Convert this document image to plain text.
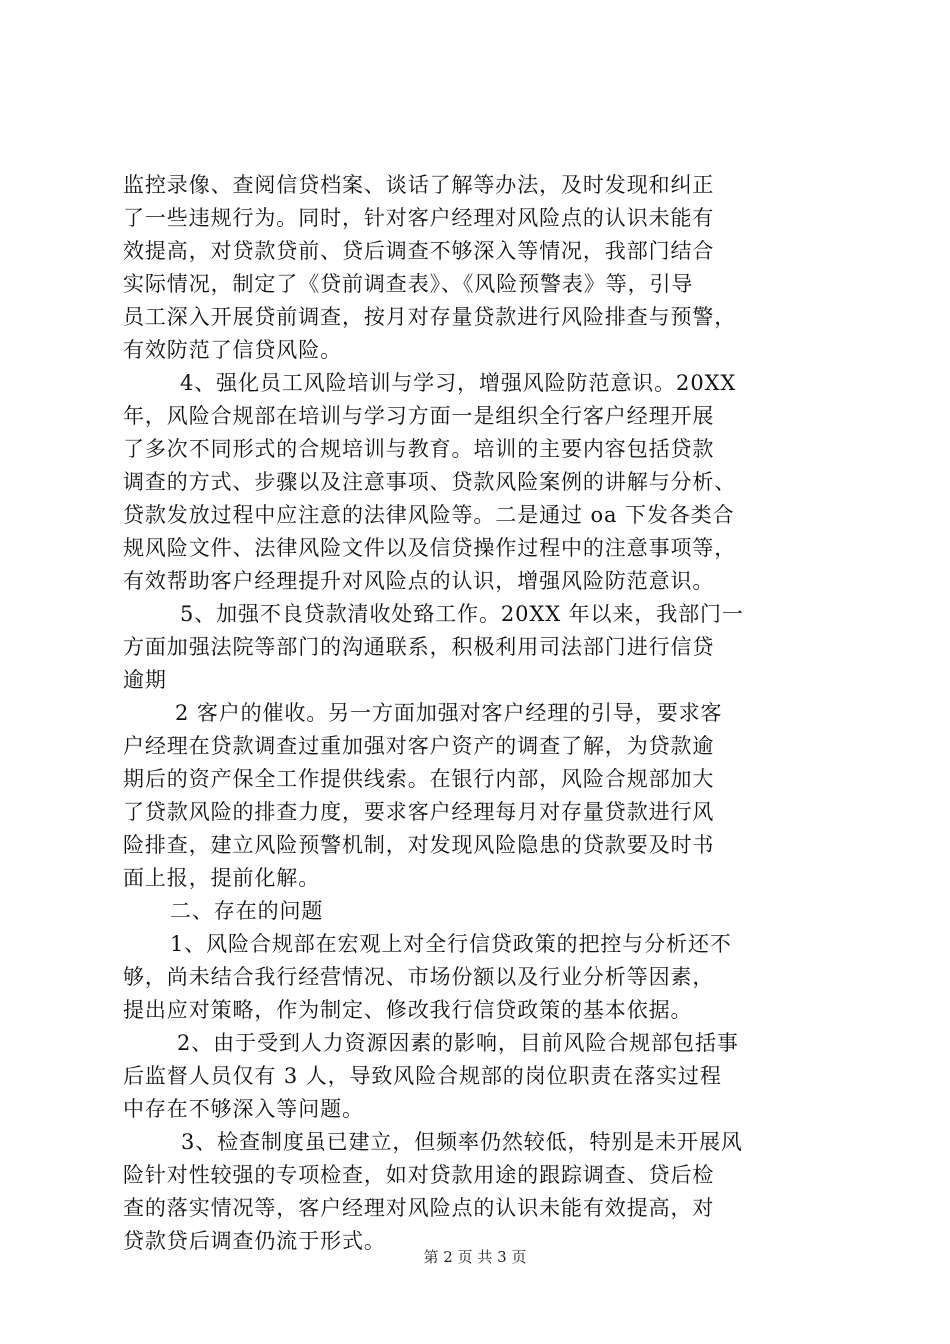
监控录像、查阅信贷档案、谈话了解等办法，及时发现和纠正
了一些违规行为。同时，针对客户经理对风险点的认识未能有
效提高，对贷款贷前、贷后调查不够深入等情况，我部门结合
实际情况，制定了《贷前调查表》、《风险预警表》等，引导
员工深入开展贷前调查，按月对存量贷款进行风险排查与预警，
有效防范了信贷风险。
4、强化员工风险培训与学习，增强风险防范意识。20XX
年，风险合规部在培训与学习方面一是组织全行客户经理开展
了多次不同形式的合规培训与教育。培训的主要内容包括贷款
调查的方式、步骤以及注意事项、贷款风险案例的讲解与分析、
贷款发放过程中应注意的法律风险等。二是通过 oa 下发各类合
规风险文件、法律风险文件以及信贷操作过程中的注意事项等，
有效帮助客户经理提升对风险点的认识，增强风险防范意识。
5、加强不良贷款清收处臵工作。20XX 年以来，我部门一
方面加强法院等部门的沟通联系，积极利用司法部门进行信贷
逾期
2 客户的催收。另一方面加强对客户经理的引导，要求客
户经理在贷款调查过重加强对客户资产的调查了解，为贷款逾
期后的资产保全工作提供线索。在银行内部，风险合规部加大
了贷款风险的排查力度，要求客户经理每月对存量贷款进行风
险排查，建立风险预警机制，对发现风险隐患的贷款要及时书
面上报，提前化解。
二、存在的问题
1、风险合规部在宏观上对全行信贷政策的把控与分析还不
够，尚未结合我行经营情况、市场份额以及行业分析等因素，
提出应对策略，作为制定、修改我行信贷政策的基本依据。
2、由于受到人力资源因素的影响，目前风险合规部包括事
后监督人员仅有 3 人，导致风险合规部的岗位职责在落实过程
中存在不够深入等问题。
3、检查制度虽已建立，但频率仍然较低，特别是未开展风
险针对性较强的专项检查，如对贷款用途的跟踪调查、贷后检
查的落实情况等，客户经理对风险点的认识未能有效提高，对
贷款贷后调查仍流于形式。
第 2 页 共 3 页
